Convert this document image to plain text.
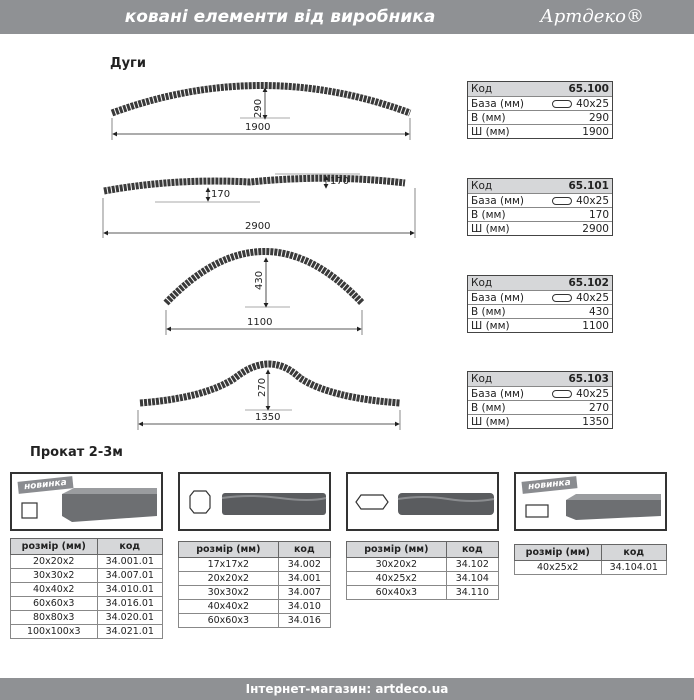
ковані елементи від виробника	Артдеко®
Дуги
290
1900
170
170
2900
430
1100
270
1350
Код	65.100
База (мм)	40x25
В (мм)	290
Ш (мм)	1900
Код	65.101
База (мм)	40x25
В (мм)	170
Ш (мм)	2900
Код	65.102
База (мм)	40x25
В (мм)	430
Ш (мм)	1100
Код	65.103
База (мм)	40x25
В (мм)	270
Ш (мм)	1350
Прокат 2-3м
новинка	новинка
розмір (мм)	код
20x20x2	34.001.01
30x30x2	34.007.01
40x40x2	34.010.01
60x60x3	34.016.01
80x80x3	34.020.01
100x100x3	34.021.01
розмір (мм)	код
17x17x2	34.002
20x20x2	34.001
30x30x2	34.007
40x40x2	34.010
60x60x3	34.016
розмір (мм)	код
30x20x2	34.102
40x25x2	34.104
60x40x3	34.110
розмір (мм)	код
40x25x2	34.104.01
Інтернет-магазин: artdeco.ua
